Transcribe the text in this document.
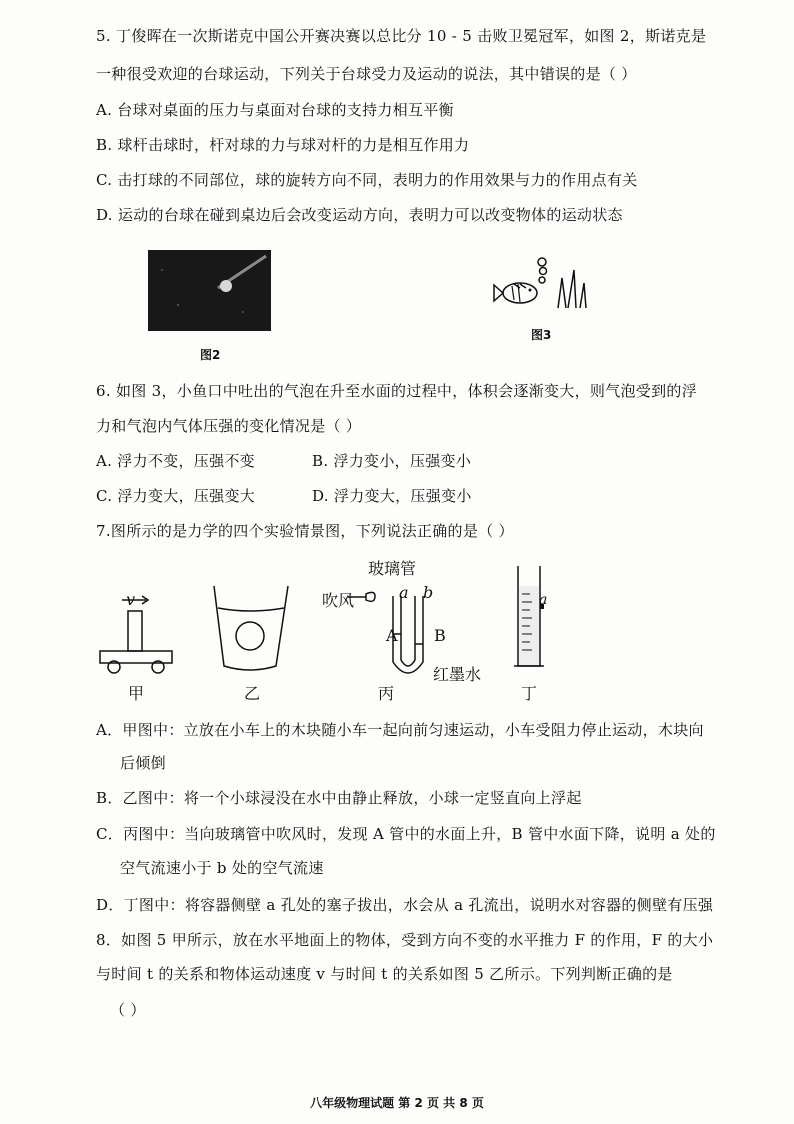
5. 丁俊晖在一次斯诺克中国公开赛决赛以总比分 10 - 5 击败卫冕冠军，如图 2，斯诺克是
一种很受欢迎的台球运动，下列关于台球受力及运动的说法，其中错误的是（ ）
A. 台球对桌面的压力与桌面对台球的支持力相互平衡
B. 球杆击球时，杆对球的力与球对杆的力是相互作用力
C. 击打球的不同部位，球的旋转方向不同，表明力的作用效果与力的作用点有关
D. 运动的台球在碰到桌边后会改变运动方向，表明力可以改变物体的运动状态
图2
图3
6. 如图 3，小鱼口中吐出的气泡在升至水面的过程中，体积会逐渐变大，则气泡受到的浮
力和气泡内气体压强的变化情况是（ ）
A. 浮力不变，压强不变	B. 浮力变小，压强变小
C. 浮力变大，压强变大	D. 浮力变大，压强变小
7.图所示的是力学的四个实验情景图，下列说法正确的是（ ）
v
甲	乙
玻璃管
吹风	a b
A B
红墨水
丙
a
丁
A．甲图中：立放在小车上的木块随小车一起向前匀速运动，小车受阻力停止运动，木块向
后倾倒
B．乙图中：将一个小球浸没在水中由静止释放，小球一定竖直向上浮起
C．丙图中：当向玻璃管中吹风时，发现 A 管中的水面上升，B 管中水面下降，说明 a 处的
空气流速小于 b 处的空气流速
D．丁图中：将容器侧壁 a 孔处的塞子拔出，水会从 a 孔流出，说明水对容器的侧壁有压强
8．如图 5 甲所示，放在水平地面上的物体，受到方向不变的水平推力 F 的作用，F 的大小
与时间 t 的关系和物体运动速度 v 与时间 t 的关系如图 5 乙所示。下列判断正确的是
（ ）
八年级物理试题 第 2 页 共 8 页
